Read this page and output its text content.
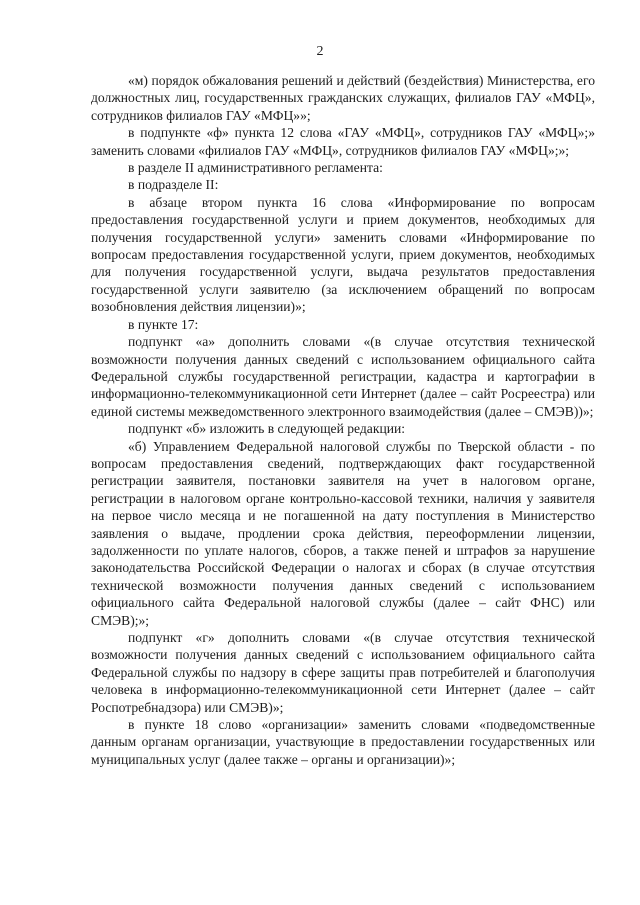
2

«м) порядок обжалования решений и действий (бездействия) Министерства, его должностных лиц, государственных гражданских служащих, филиалов ГАУ «МФЦ», сотрудников филиалов ГАУ «МФЦ»»;

в подпункте «ф» пункта 12 слова «ГАУ «МФЦ», сотрудников ГАУ «МФЦ»;» заменить словами «филиалов ГАУ «МФЦ», сотрудников филиалов ГАУ «МФЦ»;»;

в разделе II административного регламента:

в подразделе II:

в абзаце втором пункта 16 слова «Информирование по вопросам предоставления государственной услуги и прием документов, необходимых для получения государственной услуги» заменить словами «Информирование по вопросам предоставления государственной услуги, прием документов, необходимых для получения государственной услуги, выдача результатов предоставления государственной услуги заявителю (за исключением обращений по вопросам возобновления действия лицензии)»;

в пункте 17:

подпункт «а» дополнить словами «(в случае отсутствия технической возможности получения данных сведений с использованием официального сайта Федеральной службы государственной регистрации, кадастра и картографии в информационно-телекоммуникационной сети Интернет (далее – сайт Росреестра) или единой системы межведомственного электронного взаимодействия (далее – СМЭВ))»;

подпункт «б» изложить в следующей редакции:

«б) Управлением Федеральной налоговой службы по Тверской области - по вопросам предоставления сведений, подтверждающих факт государственной регистрации заявителя, постановки заявителя на учет в налоговом органе, регистрации в налоговом органе контрольно-кассовой техники, наличия у заявителя на первое число месяца и не погашенной на дату поступления в Министерство заявления о выдаче, продлении срока действия, переоформлении лицензии, задолженности по уплате налогов, сборов, а также пеней и штрафов за нарушение законодательства Российской Федерации о налогах и сборах (в случае отсутствия технической возможности получения данных сведений с использованием официального сайта Федеральной налоговой службы (далее – сайт ФНС) или СМЭВ);»;

подпункт «г» дополнить словами «(в случае отсутствия технической возможности получения данных сведений с использованием официального сайта Федеральной службы по надзору в сфере защиты прав потребителей и благополучия человека в информационно-телекоммуникационной сети Интернет (далее – сайт Роспотребнадзора) или СМЭВ)»;

в пункте 18 слово «организации» заменить словами «подведомственные данным органам организации, участвующие в предоставлении государственных или муниципальных услуг (далее также – органы и организации)»;
